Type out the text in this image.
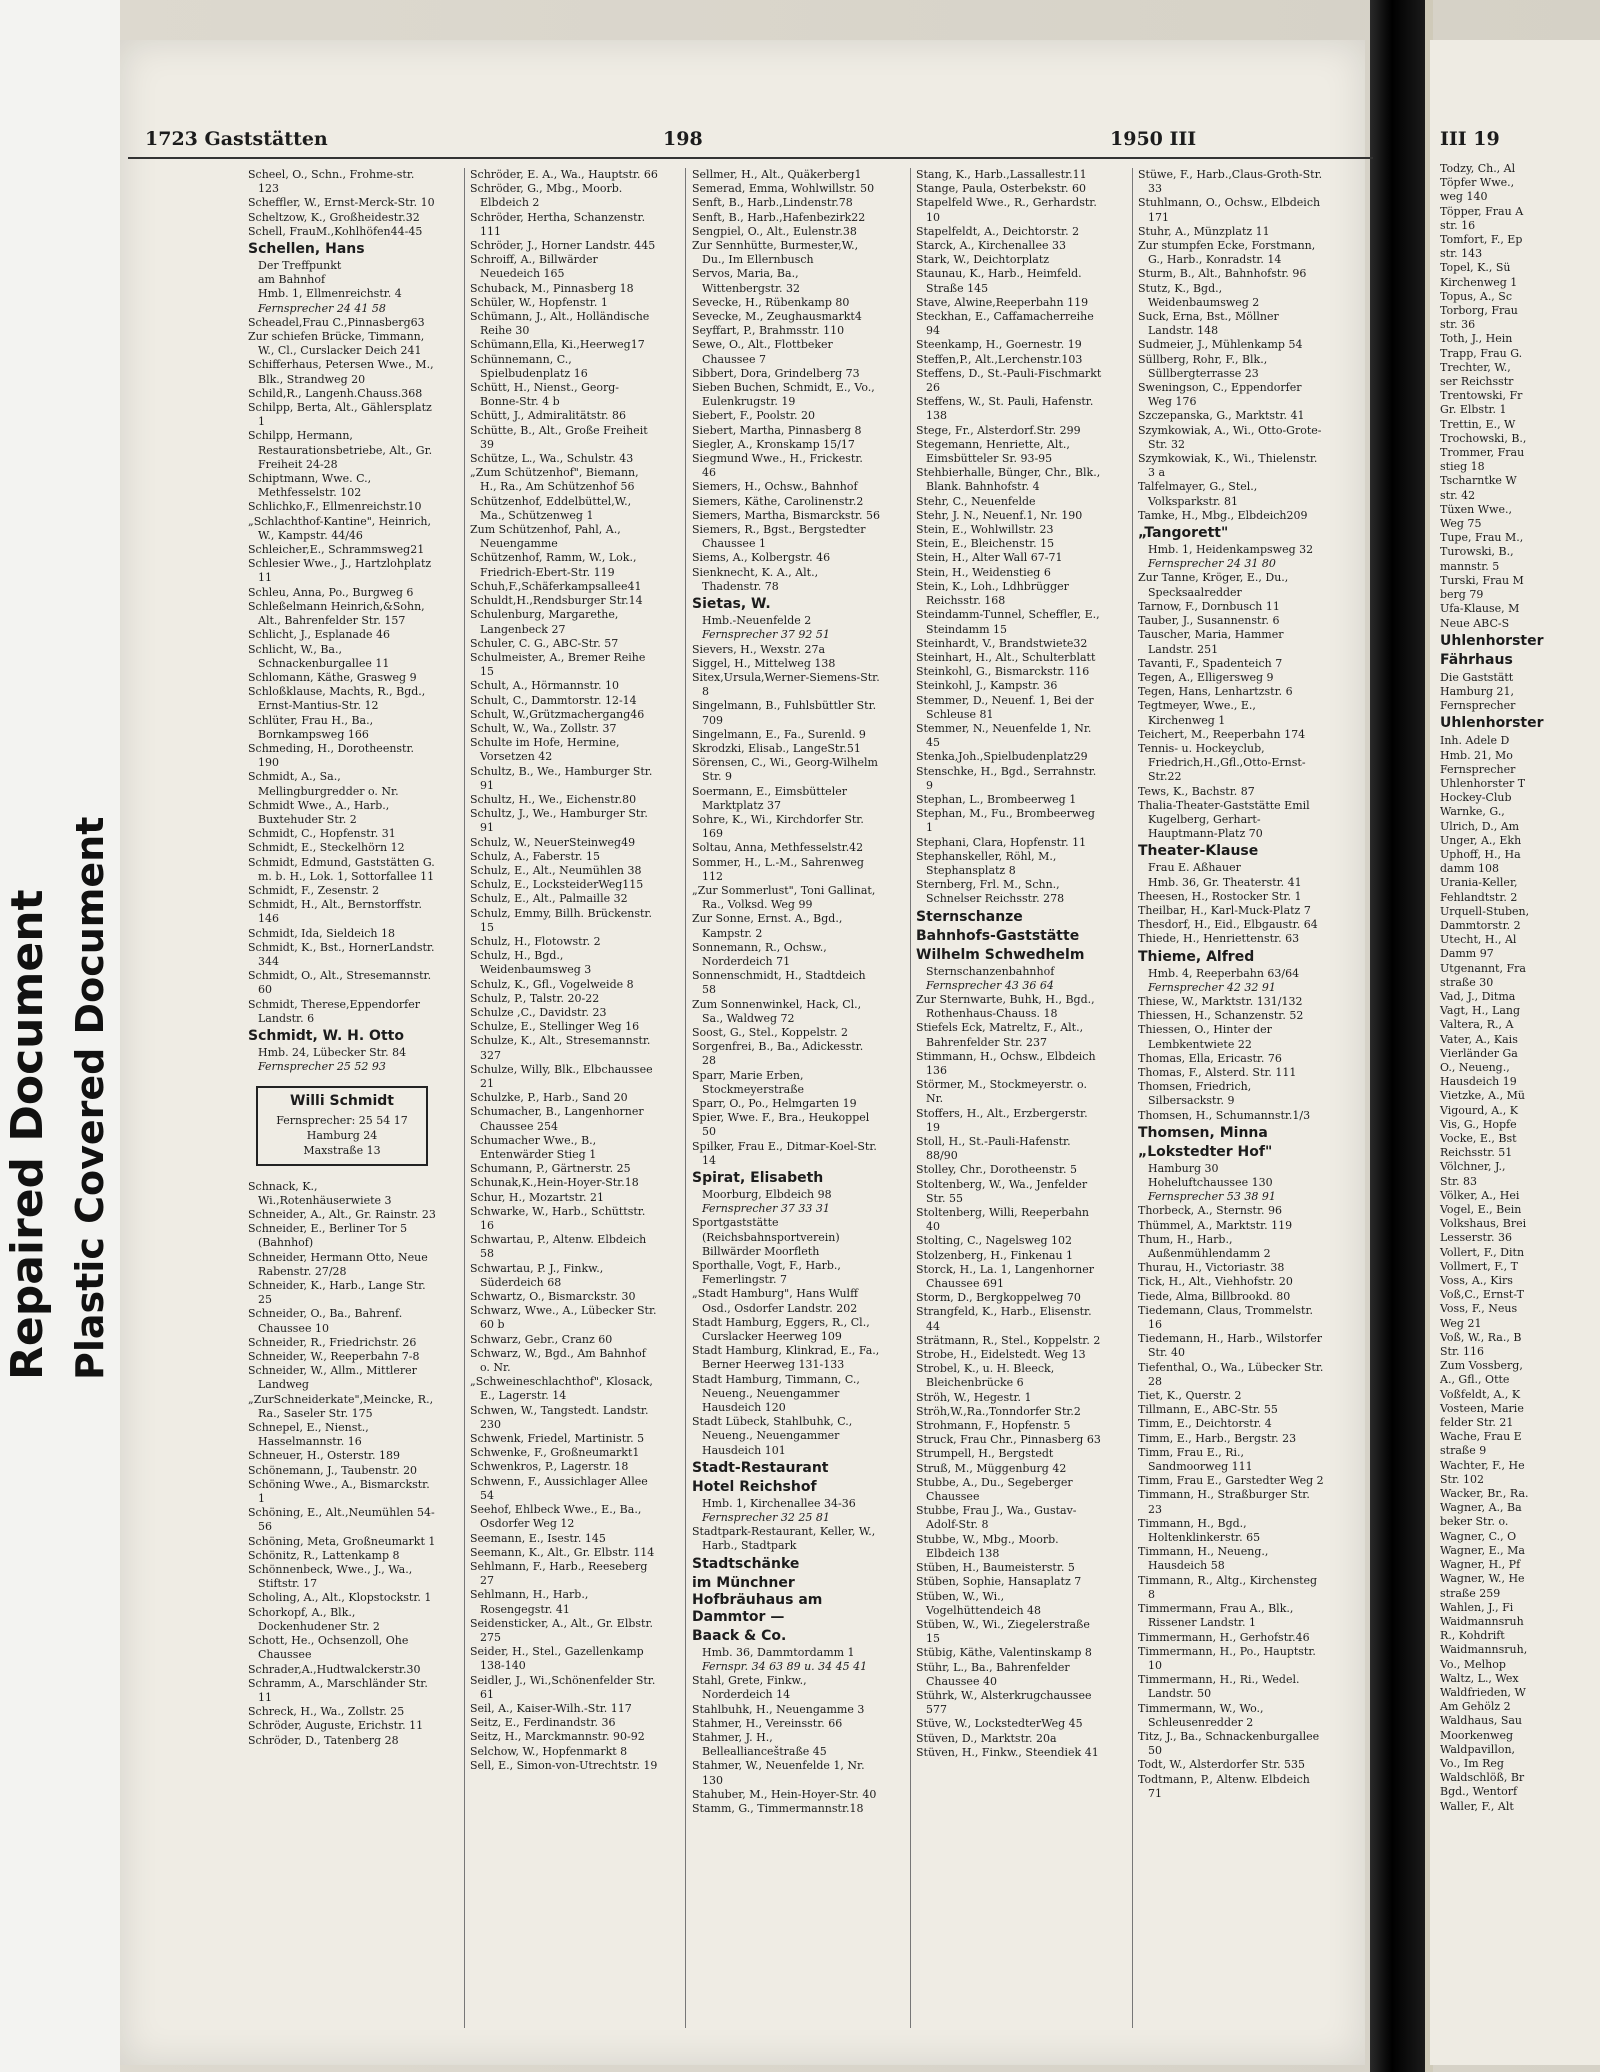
Repaired Document Plastic Covered Document
III 19
Todzy, Ch., Al
Töpfer Wwe.,
weg 140
Töpper, Frau A
str. 16
Tomfort, F., Ep
str. 143
Topel, K., Sü
Kirchenweg 1
Topus, A., Sc
Torborg, Frau
str. 36
Toth, J., Hein
Trapp, Frau G.
Trechter, W.,
ser Reichsstr
Trentowski, Fr
Gr. Elbstr. 1
Trettin, E., W
Trochowski, B.,
Trommer, Frau
stieg 18
Tscharntke W
str. 42
Tüxen Wwe.,
Weg 75
Tupe, Frau M.,
Turowski, B.,
mannstr. 5
Turski, Frau M
berg 79
Ufa-Klause, M
Neue ABC-S
Uhlenhorster
Fährhaus
Die Gaststätt
Hamburg 21,
Fernsprecher
Uhlenhorster
Inh. Adele D
Hmb. 21, Mo
Fernsprecher
Uhlenhorster T
Hockey-Club
Warnke, G.,
Ulrich, D., Am
Unger, A., Ekh
Uphoff, H., Ha
damm 108
Urania-Keller,
Fehlandtstr. 2
Urquell-Stuben,
Dammtorstr. 2
Utecht, H., Al
Damm 97
Utgenannt, Fra
straße 30
Vad, J., Ditma
Vagt, H., Lang
Valtera, R., A
Vater, A., Kais
Vierländer Ga
O., Neueng.,
Hausdeich 19
Vietzke, A., Mü
Vigourd, A., K
Vis, G., Hopfe
Vocke, E., Bst
Reichsstr. 51
Völchner, J.,
Str. 83
Völker, A., Hei
Vogel, E., Bein
Volkshaus, Brei
Lesserstr. 36
Vollert, F., Ditn
Vollmert, F., T
Voss, A., Kirs
Voß,C., Ernst-T
Voss, F., Neus
Weg 21
Voß, W., Ra., B
Str. 116
Zum Vossberg,
A., Gfl., Otte
Voßfeldt, A., K
Vosteen, Marie
felder Str. 21
Wache, Frau E
straße 9
Wachter, F., He
Str. 102
Wacker, Br., Ra.
Wagner, A., Ba
beker Str. o.
Wagner, C., O
Wagner, E., Ma
Wagner, H., Pf
Wagner, W., He
straße 259
Wahlen, J., Fi
Waidmannsruh
R., Kohdrift
Waidmannsruh,
Vo., Melhop
Waltz, L., Wex
Waldfrieden, W
Am Gehölz 2
Waldhaus, Sau
Moorkenweg
Waldpavillon,
Vo., Im Reg
Waldschlöß, Br
Bgd., Wentorf
Waller, F., Alt
1723 Gaststätten	198	1950 III

Scheel, O., Schn., Frohme-str. 123

Scheffler, W., Ernst-Merck-Str. 10

Scheltzow, K., Großheidestr.32

Schell, FrauM.,Kohlhöfen44-45

Schellen, Hans
Der Treffpunkt
am Bahnhof
Hmb. 1, Ellmenreichstr. 4
Fernsprecher 24 41 58

Scheadel,Frau C.,Pinnasberg63

Zur schiefen Brücke, Timmann, W., Cl., Curslacker Deich 241

Schifferhaus, Petersen Wwe., M., Blk., Strandweg 20

Schild,R., Langenh.Chauss.368

Schilpp, Berta, Alt., Gählersplatz 1

Schilpp, Hermann, Restaurationsbetriebe, Alt., Gr. Freiheit 24-28

Schiptmann, Wwe. C., Methfesselstr. 102

Schlichko,F., Ellmenreichstr.10

„Schlachthof-Kantine", Heinrich, W., Kampstr. 44/46

Schleicher,E., Schrammsweg21

Schlesier Wwe., J., Hartzlohplatz 11

Schleu, Anna, Po., Burgweg 6

Schleßelmann Heinrich,&Sohn, Alt., Bahrenfelder Str. 157

Schlicht, J., Esplanade 46

Schlicht, W., Ba., Schnackenburgallee 11

Schlomann, Käthe, Grasweg 9

Schloßklause, Machts, R., Bgd., Ernst-Mantius-Str. 12

Schlüter, Frau H., Ba., Bornkampsweg 166

Schmeding, H., Dorotheenstr. 190

Schmidt, A., Sa., Mellingburgredder o. Nr.

Schmidt Wwe., A., Harb., Buxtehuder Str. 2

Schmidt, C., Hopfenstr. 31

Schmidt, E., Steckelhörn 12

Schmidt, Edmund, Gaststätten G. m. b. H., Lok. 1, Sottorfallee 11

Schmidt, F., Zesenstr. 2

Schmidt, H., Alt., Bernstorffstr. 146

Schmidt, Ida, Sieldeich 18

Schmidt, K., Bst., HornerLandstr. 344

Schmidt, O., Alt., Stresemannstr. 60

Schmidt, Therese,Eppendorfer Landstr. 6

Schmidt, W. H. Otto
Hmb. 24, Lübecker Str. 84
Fernsprecher 25 52 93
Willi Schmidt
Fernsprecher: 25 54 17
Hamburg 24
Maxstraße 13

Schnack, K., Wi.,Rotenhäuserwiete 3

Schneider, A., Alt., Gr. Rainstr. 23

Schneider, E., Berliner Tor 5 (Bahnhof)

Schneider, Hermann Otto, Neue Rabenstr. 27/28

Schneider, K., Harb., Lange Str. 25

Schneider, O., Ba., Bahrenf. Chaussee 10

Schneider, R., Friedrichstr. 26

Schneider, W., Reeperbahn 7-8

Schneider, W., Allm., Mittlerer Landweg

„ZurSchneiderkate",Meincke, R., Ra., Saseler Str. 175

Schnepel, E., Nienst., Hasselmannstr. 16

Schneuer, H., Osterstr. 189

Schönemann, J., Taubenstr. 20

Schöning Wwe., A., Bismarckstr. 1

Schöning, E., Alt.,Neumühlen 54-56

Schöning, Meta, Großneumarkt 1

Schönitz, R., Lattenkamp 8

Schönnenbeck, Wwe., J., Wa., Stiftstr. 17

Scholing, A., Alt., Klopstockstr. 1

Schorkopf, A., Blk., Dockenhudener Str. 2

Schott, He., Ochsenzoll, Ohe Chaussee

Schrader,A.,Hudtwalckerstr.30

Schramm, A., Marschländer Str. 11

Schreck, H., Wa., Zollstr. 25

Schröder, Auguste, Erichstr. 11

Schröder, D., Tatenberg 28

Schröder, E. A., Wa., Hauptstr. 66

Schröder, G., Mbg., Moorb. Elbdeich 2

Schröder, Hertha, Schanzenstr. 111

Schröder, J., Horner Landstr. 445

Schroiff, A., Billwärder Neuedeich 165

Schuback, M., Pinnasberg 18

Schüler, W., Hopfenstr. 1

Schümann, J., Alt., Holländische Reihe 30

Schümann,Ella, Ki.,Heerweg17

Schünnemann, C., Spielbudenplatz 16

Schütt, H., Nienst., Georg-Bonne-Str. 4 b

Schütt, J., Admiralitätstr. 86

Schütte, B., Alt., Große Freiheit 39

Schütze, L., Wa., Schulstr. 43

„Zum Schützenhof", Biemann, H., Ra., Am Schützenhof 56

Schützenhof, Eddelbüttel,W., Ma., Schützenweg 1

Zum Schützenhof, Pahl, A., Neuengamme

Schützenhof, Ramm, W., Lok., Friedrich-Ebert-Str. 119

Schuh,F.,Schäferkampsallee41

Schuldt,H.,Rendsburger Str.14

Schulenburg, Margarethe, Langenbeck 27

Schuler, C. G., ABC-Str. 57

Schulmeister, A., Bremer Reihe 15

Schult, A., Hörmannstr. 10

Schult, C., Dammtorstr. 12-14

Schult, W.,Grützmachergang46

Schult, W., Wa., Zollstr. 37

Schulte im Hofe, Hermine, Vorsetzen 42

Schultz, B., We., Hamburger Str. 91

Schultz, H., We., Eichenstr.80

Schultz, J., We., Hamburger Str. 91

Schulz, W., NeuerSteinweg49

Schulz, A., Faberstr. 15

Schulz, E., Alt., Neumühlen 38

Schulz, E., LocksteiderWeg115

Schulz, E., Alt., Palmaille 32

Schulz, Emmy, Billh. Brückenstr. 15

Schulz, H., Flotowstr. 2

Schulz, H., Bgd., Weidenbaumsweg 3

Schulz, K., Gfl., Vogelweide 8

Schulz, P., Talstr. 20-22

Schulze ,C., Davidstr. 23

Schulze, E., Stellinger Weg 16

Schulze, K., Alt., Stresemannstr. 327

Schulze, Willy, Blk., Elbchaussee 21

Schulzke, P., Harb., Sand 20

Schumacher, B., Langenhorner Chaussee 254

Schumacher Wwe., B., Entenwärder Stieg 1

Schumann, P., Gärtnerstr. 25

Schunak,K.,Hein-Hoyer-Str.18

Schur, H., Mozartstr. 21

Schwarke, W., Harb., Schüttstr. 16

Schwartau, P., Altenw. Elbdeich 58

Schwartau, P. J., Finkw., Süderdeich 68

Schwartz, O., Bismarckstr. 30

Schwarz, Wwe., A., Lübecker Str. 60 b

Schwarz, Gebr., Cranz 60

Schwarz, W., Bgd., Am Bahnhof o. Nr.

„Schweineschlachthof", Klosack, E., Lagerstr. 14

Schwen, W., Tangstedt. Landstr. 230

Schwenk, Friedel, Martinistr. 5

Schwenke, F., Großneumarkt1

Schwenkros, P., Lagerstr. 18

Schwenn, F., Aussichlager Allee 54

Seehof, Ehlbeck Wwe., E., Ba., Osdorfer Weg 12

Seemann, E., Isestr. 145

Seemann, K., Alt., Gr. Elbstr. 114

Sehlmann, F., Harb., Reeseberg 27

Sehlmann, H., Harb., Rosengegstr. 41

Seidensticker, A., Alt., Gr. Elbstr. 275

Seider, H., Stel., Gazellenkamp 138-140

Seidler, J., Wi.,Schönenfelder Str. 61

Seil, A., Kaiser-Wilh.-Str. 117

Seitz, E., Ferdinandstr. 36

Seitz, H., Marckmannstr. 90-92

Selchow, W., Hopfenmarkt 8

Sell, E., Simon-von-Utrechtstr. 19

Sellmer, H., Alt., Quäkerberg1

Semerad, Emma, Wohlwillstr. 50

Senft, B., Harb.,Lindenstr.78

Senft, B., Harb.,Hafenbezirk22

Sengpiel, O., Alt., Eulenstr.38

Zur Sennhütte, Burmester,W., Du., Im Ellernbusch

Servos, Maria, Ba., Wittenbergstr. 32

Sevecke, H., Rübenkamp 80

Sevecke, M., Zeughausmarkt4

Seyffart, P., Brahmsstr. 110

Sewe, O., Alt., Flottbeker Chaussee 7

Sibbert, Dora, Grindelberg 73

Sieben Buchen, Schmidt, E., Vo., Eulenkrugstr. 19

Siebert, F., Poolstr. 20

Siebert, Martha, Pinnasberg 8

Siegler, A., Kronskamp 15/17

Siegmund Wwe., H., Frickestr. 46

Siemers, H., Ochsw., Bahnhof

Siemers, Käthe, Carolinenstr.2

Siemers, Martha, Bismarckstr. 56

Siemers, R., Bgst., Bergstedter Chaussee 1

Siems, A., Kolbergstr. 46

Sienknecht, K. A., Alt., Thadenstr. 78

Sietas, W.
Hmb.-Neuenfelde 2
Fernsprecher 37 92 51

Sievers, H., Wexstr. 27a

Siggel, H., Mittelweg 138

Sitex,Ursula,Werner-Siemens-Str. 8

Singelmann, B., Fuhlsbüttler Str. 709

Singelmann, E., Fa., Surenld. 9

Skrodzki, Elisab., LangeStr.51

Sörensen, C., Wi., Georg-Wilhelm Str. 9

Soermann, E., Eimsbütteler Marktplatz 37

Sohre, K., Wi., Kirchdorfer Str. 169

Soltau, Anna, Methfesselstr.42

Sommer, H., L.-M., Sahrenweg 112

„Zur Sommerlust", Toni Gallinat, Ra., Volksd. Weg 99

Zur Sonne, Ernst. A., Bgd., Kampstr. 2

Sonnemann, R., Ochsw., Norderdeich 71

Sonnenschmidt, H., Stadtdeich 58

Zum Sonnenwinkel, Hack, Cl., Sa., Waldweg 72

Soost, G., Stel., Koppelstr. 2

Sorgenfrei, B., Ba., Adickesstr. 28

Sparr, Marie Erben, Stockmeyerstraße

Sparr, O., Po., Helmgarten 19

Spier, Wwe. F., Bra., Heukoppel 50

Spilker, Frau E., Ditmar-Koel-Str. 14

Spirat, Elisabeth
Moorburg, Elbdeich 98
Fernsprecher 37 33 31

Sportgaststätte (Reichsbahnsportverein) Billwärder Moorfleth

Sporthalle, Vogt, F., Harb., Femerlingstr. 7

„Stadt Hamburg", Hans Wulff Osd., Osdorfer Landstr. 202

Stadt Hamburg, Eggers, R., Cl., Curslacker Heerweg 109

Stadt Hamburg, Klinkrad, E., Fa., Berner Heerweg 131-133

Stadt Hamburg, Timmann, C., Neueng., Neuengammer Hausdeich 120

Stadt Lübeck, Stahlbuhk, C., Neueng., Neuengammer Hausdeich 101

Stadt-Restaurant
Hotel Reichshof
Hmb. 1, Kirchenallee 34-36
Fernsprecher 32 25 81

Stadtpark-Restaurant, Keller, W., Harb., Stadtpark

Stadtschänke
im Münchner Hofbräuhaus am Dammtor —
Baack & Co.
Hmb. 36, Dammtordamm 1
Fernspr. 34 63 89 u. 34 45 41

Stahl, Grete, Finkw., Norderdeich 14

Stahlbuhk, H., Neuengamme 3

Stahmer, H., Vereinsstr. 66

Stahmer, J. H., Belleallianceštraße 45

Stahmer, W., Neuenfelde 1, Nr. 130

Stahuber, M., Hein-Hoyer-Str. 40

Stamm, G., Timmermannstr.18

Stang, K., Harb.,Lassallestr.11

Stange, Paula, Osterbekstr. 60

Stapelfeld Wwe., R., Gerhardstr. 10

Stapelfeldt, A., Deichtorstr. 2

Starck, A., Kirchenallee 33

Stark, W., Deichtorplatz

Staunau, K., Harb., Heimfeld. Straße 145

Stave, Alwine,Reeperbahn 119

Steckhan, E., Caffamacherreihe 94

Steenkamp, H., Goernestr. 19

Steffen,P., Alt.,Lerchenstr.103

Steffens, D., St.-Pauli-Fischmarkt 26

Steffens, W., St. Pauli, Hafenstr. 138

Stege, Fr., Alsterdorf.Str. 299

Stegemann, Henriette, Alt., Eimsbütteler Sr. 93-95

Stehbierhalle, Bünger, Chr., Blk., Blank. Bahnhofstr. 4

Stehr, C., Neuenfelde

Stehr, J. N., Neuenf.1, Nr. 190

Stein, E., Wohlwillstr. 23

Stein, E., Bleichenstr. 15

Stein, H., Alter Wall 67-71

Stein, H., Weidenstieg 6

Stein, K., Loh., Ldhbrügger Reichsstr. 168

Steindamm-Tunnel, Scheffler, E., Steindamm 15

Steinhardt, V., Brandstwiete32

Steinhart, H., Alt., Schulterblatt

Steinkohl, G., Bismarckstr. 116

Steinkohl, J., Kampstr. 36

Stemmer, D., Neuenf. 1, Bei der Schleuse 81

Stemmer, N., Neuenfelde 1, Nr. 45

Stenka,Joh.,Spielbudenplatz29

Stenschke, H., Bgd., Serrahnstr. 9

Stephan, L., Brombeerweg 1

Stephan, M., Fu., Brombeerweg 1

Stephani, Clara, Hopfenstr. 11

Stephanskeller, Röhl, M., Stephansplatz 8

Sternberg, Frl. M., Schn., Schnelser Reichsstr. 278

Sternschanze
Bahnhofs-Gaststätte
Wilhelm Schwedhelm
Sternschanzenbahnhof
Fernsprecher 43 36 64

Zur Sternwarte, Buhk, H., Bgd., Rothenhaus-Chauss. 18

Stiefels Eck, Matreltz, F., Alt., Bahrenfelder Str. 237

Stimmann, H., Ochsw., Elbdeich 136

Störmer, M., Stockmeyerstr. o. Nr.

Stoffers, H., Alt., Erzbergerstr. 19

Stoll, H., St.-Pauli-Hafenstr. 88/90

Stolley, Chr., Dorotheenstr. 5

Stoltenberg, W., Wa., Jenfelder Str. 55

Stoltenberg, Willi, Reeperbahn 40

Stolting, C., Nagelsweg 102

Stolzenberg, H., Finkenau 1

Storck, H., La. 1, Langenhorner Chaussee 691

Storm, D., Bergkoppelweg 70

Strangfeld, K., Harb., Elisenstr. 44

Strätmann, R., Stel., Koppelstr. 2

Strobe, H., Eidelstedt. Weg 13

Strobel, K., u. H. Bleeck, Bleichenbrücke 6

Ströh, W., Hegestr. 1

Ströh,W.,Ra.,Tonndorfer Str.2

Strohmann, F., Hopfenstr. 5

Struck, Frau Chr., Pinnasberg 63

Strumpell, H., Bergstedt

Struß, M., Müggenburg 42

Stubbe, A., Du., Segeberger Chaussee

Stubbe, Frau J., Wa., Gustav-Adolf-Str. 8

Stubbe, W., Mbg., Moorb. Elbdeich 138

Stüben, H., Baumeisterstr. 5

Stüben, Sophie, Hansaplatz 7

Stüben, W., Wi., Vogelhüttendeich 48

Stüben, W., Wi., Ziegelerstraße 15

Stübig, Käthe, Valentinskamp 8

Stühr, L., Ba., Bahrenfelder Chaussee 40

Stührk, W., Alsterkrugchaussee 577

Stüve, W., LockstedterWeg 45

Stüven, D., Marktstr. 20a

Stüven, H., Finkw., Steendiek 41

Stüwe, F., Harb.,Claus-Groth-Str. 33

Stuhlmann, O., Ochsw., Elbdeich 171

Stuhr, A., Münzplatz 11

Zur stumpfen Ecke, Forstmann, G., Harb., Konradstr. 14

Sturm, B., Alt., Bahnhofstr. 96

Stutz, K., Bgd., Weidenbaumsweg 2

Suck, Erna, Bst., Möllner Landstr. 148

Sudmeier, J., Mühlenkamp 54

Süllberg, Rohr, F., Blk., Süllbergterrasse 23

Sweningson, C., Eppendorfer Weg 176

Szczepanska, G., Marktstr. 41

Szymkowiak, A., Wi., Otto-Grote-Str. 32

Szymkowiak, K., Wi., Thielenstr. 3 a

Talfelmayer, G., Stel., Volksparkstr. 81

Tamke, H., Mbg., Elbdeich209

„Tangorett"
Hmb. 1, Heidenkampsweg 32
Fernsprecher 24 31 80

Zur Tanne, Kröger, E., Du., Specksaalredder

Tarnow, F., Dornbusch 11

Tauber, J., Susannenstr. 6

Tauscher, Maria, Hammer Landstr. 251

Tavanti, F., Spadenteich 7

Tegen, A., Elligersweg 9

Tegen, Hans, Lenhartzstr. 6

Tegtmeyer, Wwe., E., Kirchenweg 1

Teichert, M., Reeperbahn 174

Tennis- u. Hockeyclub, Friedrich,H.,Gfl.,Otto-Ernst-Str.22

Tews, K., Bachstr. 87

Thalia-Theater-Gaststätte Emil Kugelberg, Gerhart-Hauptmann-Platz 70

Theater-Klause
Frau E. Aßhauer
Hmb. 36, Gr. Theaterstr. 41

Theesen, H., Rostocker Str. 1

Theilbar, H., Karl-Muck-Platz 7

Thesdorf, H., Eid., Elbgaustr. 64

Thiede, H., Henriettenstr. 63

Thieme, Alfred
Hmb. 4, Reeperbahn 63/64
Fernsprecher 42 32 91

Thiese, W., Marktstr. 131/132

Thiessen, H., Schanzenstr. 52

Thiessen, O., Hinter der Lembkentwiete 22

Thomas, Ella, Ericastr. 76

Thomas, F., Alsterd. Str. 111

Thomsen, Friedrich, Silbersackstr. 9

Thomsen, H., Schumannstr.1/3

Thomsen, Minna
„Lokstedter Hof"
Hamburg 30
Hoheluftchaussee 130
Fernsprecher 53 38 91

Thorbeck, A., Sternstr. 96

Thümmel, A., Marktstr. 119

Thum, H., Harb., Außenmühlendamm 2

Thurau, H., Victoriastr. 38

Tick, H., Alt., Viehhofstr. 20

Tiede, Alma, Billbrookd. 80

Tiedemann, Claus, Trommelstr. 16

Tiedemann, H., Harb., Wilstorfer Str. 40

Tiefenthal, O., Wa., Lübecker Str. 28

Tiet, K., Querstr. 2

Tillmann, E., ABC-Str. 55

Timm, E., Deichtorstr. 4

Timm, E., Harb., Bergstr. 23

Timm, Frau E., Ri., Sandmoorweg 111

Timm, Frau E., Garstedter Weg 2

Timmann, H., Straßburger Str. 23

Timmann, H., Bgd., Holtenklinkerstr. 65

Timmann, H., Neueng., Hausdeich 58

Timmann, R., Altg., Kirchensteg 8

Timmermann, Frau A., Blk., Rissener Landstr. 1

Timmermann, H., Gerhofstr.46

Timmermann, H., Po., Hauptstr. 10

Timmermann, H., Ri., Wedel. Landstr. 50

Timmermann, W., Wo., Schleusenredder 2

Titz, J., Ba., Schnackenburgallee 50

Todt, W., Alsterdorfer Str. 535

Todtmann, P., Altenw. Elbdeich 71
